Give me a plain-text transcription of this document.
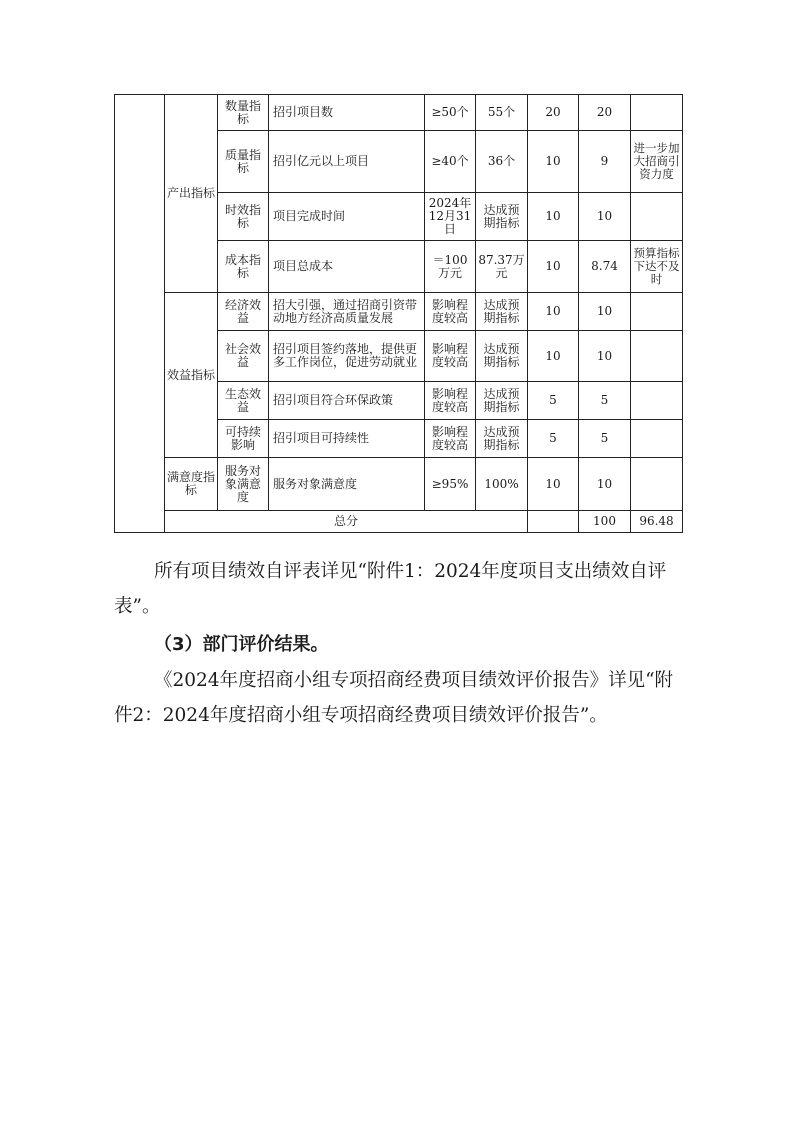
	产出指标	数量指标	招引项目数	≥50个	55个	20	20		
		质量指标	招引亿元以上项目	≥40个	36个	10	9	进一步加大招商引资力度	
		时效指标	项目完成时间	2024年12月31日	达成预期指标	10	10		
		成本指标	项目总成本	＝100万元	87.37万元	10	8.74	预算指标下达不及时	
	效益指标	经济效益	招大引强，通过招商引资带动地方经济高质量发展	影响程度较高	达成预期指标	10	10		
		社会效益	招引项目签约落地，提供更多工作岗位，促进劳动就业	影响程度较高	达成预期指标	10	10		
		生态效益	招引项目符合环保政策	影响程度较高	达成预期指标	5	5		
		可持续影响	招引项目可持续性	影响程度较高	达成预期指标	5	5		
	满意度指标	服务对象满意度	服务对象满意度	≥95%	100%	10	10		
	总分						100	96.48	

所有项目绩效自评表详见“附件1：2024年度项目支出绩效自评表”。

（3）部门评价结果。

《2024年度招商小组专项招商经费项目绩效评价报告》详见“附件2：2024年度招商小组专项招商经费项目绩效评价报告”。
